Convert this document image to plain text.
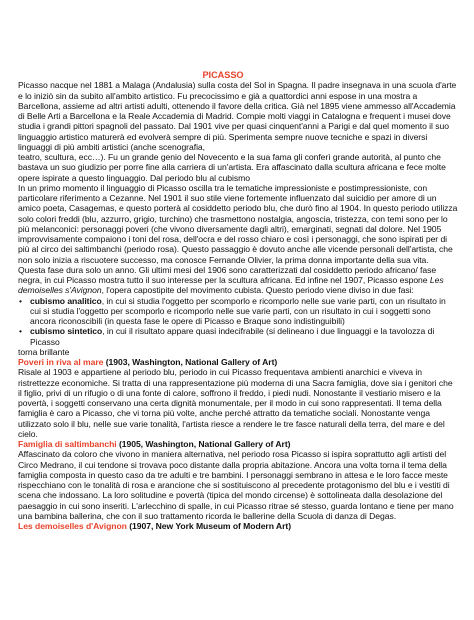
PICASSO

Picasso nacque nel 1881 a Malaga (Andalusia) sulla costa del Sol in Spagna. Il padre insegnava in una scuola d'arte e lo iniziò sin da subito all'ambito artistico. Fu precocissimo e già a quattordici anni espose in una mostra a Barcellona, assieme ad altri artisti adulti, ottenendo il favore della critica. Già nel 1895 viene ammesso all'Accademia di Belle Arti a Barcellona e la Reale Accademia di Madrid. Compie molti viaggi in Catalogna e frequent i musei dove studia i grandi pittori spagnoli del passato. Dal 1901 vive per quasi cinquent'anni a Parigi e dal quel momento il suo linguaggio artistico maturerà ed evolverà sempre di più. Sperimenta sempre nuove tecniche e spazi in diversi linguaggi di più ambiti artistici (anche scenografia,
teatro, scultura, ecc…). Fu un grande genio del Novecento e la sua fama gli conferì grande autorità, al punto che bastava un suo giudizio per porre fine alla carriera di un'artista. Era affascinato dalla scultura africana e fece molte opere ispirate a questo linguaggio. Dal periodo blu al cubismo
In un primo momento il linguaggio di Picasso oscilla tra le tematiche impressioniste e postimpressioniste, con particolare riferimento a Cezanne. Nel 1901 il suo stile viene fortemente influenzato dal suicidio per amore di un amico poeta, Casagemas, e questo porterà al cosiddetto periodo blu, che durò fino al 1904. In questo periodo utilizza solo colori freddi (blu, azzurro, grigio, turchino) che trasmettono nostalgia, angoscia, tristezza, con temi sono per lo più melanconici: personaggi poveri (che vivono diversamente dagli altri), emarginati, segnati dal dolore. Nel 1905 improvvisamente compaiono i toni del rosa, dell'ocra e del rosso chiaro e così i personaggi, che sono ispirati per di più al circo dei saltimbanchi (periodo rosa). Questo passaggio è dovuto anche alle vicende personali dell'artista, che non solo inizia a riscuotere successo, ma conosce Fernande Olivier, la prima donna importante della sua vita. Questa fase dura solo un anno. Gli ultimi mesi del 1906 sono caratterizzati dal cosiddetto periodo africano/ fase negra, in cui Picasso mostra tutto il suo interesse per la scultura africana. Ed infine nel 1907, Picasso espone Les demoiselles s'Avignon, l'opera capostipite del movimento cubista. Questo periodo viene diviso in due fasi:

• cubismo analitico, in cui si studia l'oggetto per scomporlo e ricomporlo nelle sue varie parti, con un risultato in cui si studia l'oggetto per scomporlo e ricomporlo nelle sue varie parti, con un risultato in cui i soggetti sono ancora riconoscibili (in questa fase le opere di Picasso e Braque sono indistinguibili)
• cubismo sintetico, in cui il risultato appare quasi indecifrabile (si delineano i due linguaggi e la tavolozza di Picasso

torna brillante

Poveri in riva al mare (1903, Washington, National Gallery of Art)

Risale al 1903 e appartiene al periodo blu, periodo in cui Picasso frequentava ambienti anarchici e viveva in ristrettezze economiche. Si tratta di una rappresentazione più moderna di una Sacra famiglia, dove sia i genitori che il figlio, privi di un rifugio o di una fonte di calore, soffrono il freddo, i piedi nudi. Nonostante il vestiario misero e la povertà, i soggetti conservano una certa dignità monumentale, per il modo in cui sono rappresentati. Il tema della famiglia è caro a Picasso, che vi torna più volte, anche perché attratto da tematiche sociali. Nonostante venga utilizzato solo il blu, nelle sue varie tonalità, l'artista riesce a rendere le tre fasce naturali della terra, del mare e del cielo.

Famiglia di saltimbanchi (1905, Washington, National Gallery of Art)

Affascinato da coloro che vivono in maniera alternativa, nel periodo rosa Picasso si ispira soprattutto agli artisti del Circo Medrano, il cui tendone si trovava poco distante dalla propria abitazione. Ancora una volta torna il tema della famiglia composta in questo caso da tre adulti e tre bambini. I personaggi sembrano in attesa e le loro facce meste rispecchiano con le tonalità di rosa e arancione che si sostituiscono al precedente protagonismo del blu e i vestiti di scena che indossano. La loro solitudine e povertà (tipica del mondo circense) è sottolineata dalla desolazione del paesaggio in cui sono inseriti. L'arlecchino di spalle, in cui Picasso ritrae sé stesso, guarda lontano e tiene per mano una bambina ballerina, che con il suo trattamento ricorda le ballerine della Scuola di danza di Degas.

Les demoiselles d'Avignon (1907, New York Museum of Modern Art)
